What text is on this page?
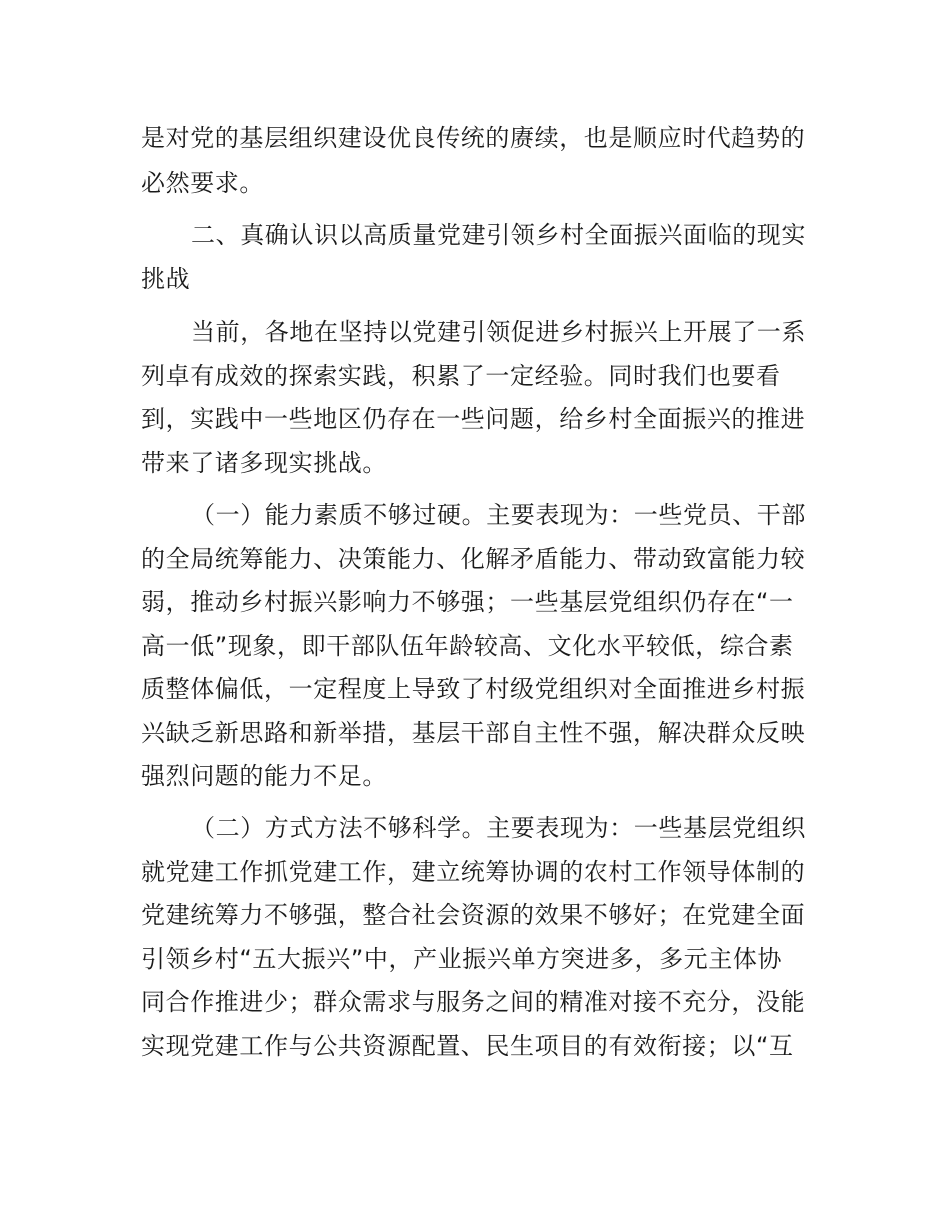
是对党的基层组织建设优良传统的赓续，也是顺应时代趋势的
必然要求。
二、真确认识以高质量党建引领乡村全面振兴面临的现实
挑战
当前，各地在坚持以党建引领促进乡村振兴上开展了一系
列卓有成效的探索实践，积累了一定经验。同时我们也要看
到，实践中一些地区仍存在一些问题，给乡村全面振兴的推进
带来了诸多现实挑战。
（一）能力素质不够过硬。主要表现为：一些党员、干部
的全局统筹能力、决策能力、化解矛盾能力、带动致富能力较
弱，推动乡村振兴影响力不够强；一些基层党组织仍存在“一
高一低”现象，即干部队伍年龄较高、文化水平较低，综合素
质整体偏低，一定程度上导致了村级党组织对全面推进乡村振
兴缺乏新思路和新举措，基层干部自主性不强，解决群众反映
强烈问题的能力不足。
（二）方式方法不够科学。主要表现为：一些基层党组织
就党建工作抓党建工作，建立统筹协调的农村工作领导体制的
党建统筹力不够强，整合社会资源的效果不够好；在党建全面
引领乡村“五大振兴”中，产业振兴单方突进多，多元主体协
同合作推进少；群众需求与服务之间的精准对接不充分，没能
实现党建工作与公共资源配置、民生项目的有效衔接；以“互
